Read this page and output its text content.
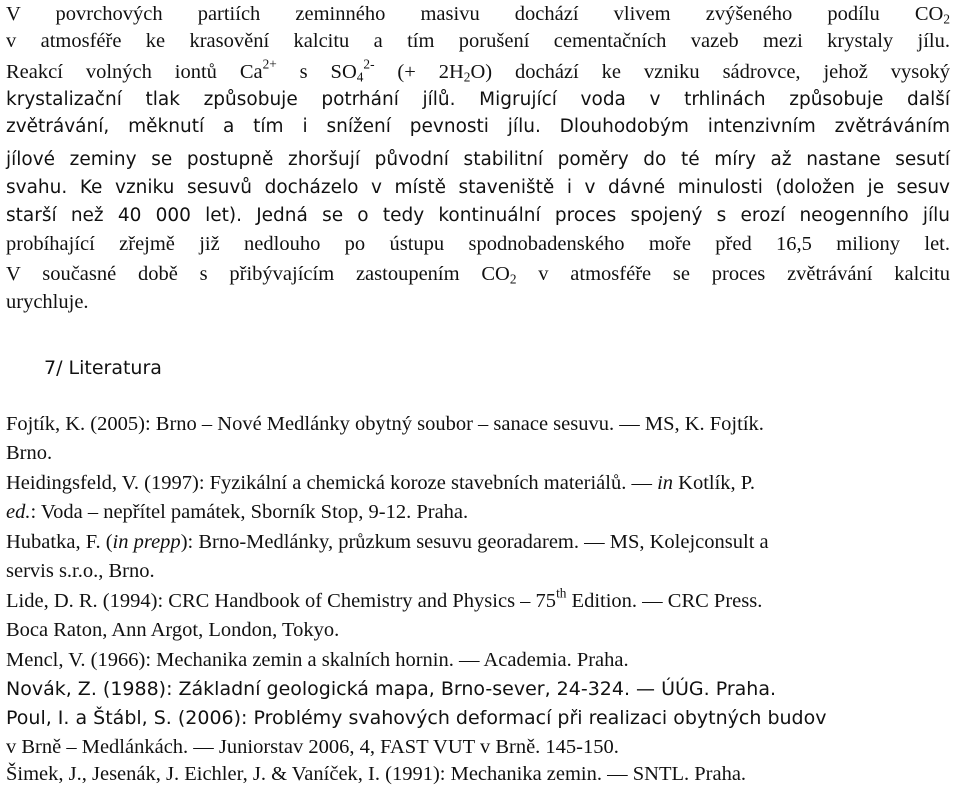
V povrchových partiích zeminného masivu dochází vlivem zvýšeného podílu $CO_2$
v atmosféře ke krasovění kalcitu a tím porušení cementačních vazeb mezi krystaly jílu.
Reakcí volných iontů $Ca^{2+}$ s $SO_4^{2-}$ (+ $2H_2O$) dochází ke vzniku sádrovce, jehož vysoký
krystalizační tlak způsobuje potrhání jílů. Migrující voda v trhlinách způsobuje další
zvětrávání, měknutí a tím i snížení pevnosti jílu. Dlouhodobým intenzivním zvětráváním
jílové zeminy se postupně zhoršují původní stabilitní poměry do té míry až nastane sesutí
svahu. Ke vzniku sesuvů docházelo v místě staveniště i v dávné minulosti (doložen je sesuv
starší než 40 000 let). Jedná se o tedy kontinuální proces spojený s erozí neogenního jílu
probíhající zřejmě již nedlouho po ústupu spodnobadenského moře před 16,5 miliony let.
V současné době s přibývajícím zastoupením $CO_2$ v atmosféře se proces zvětrávání kalcitu
urychluje.
7/ Literatura
Fojtík, K. (2005): Brno – Nové Medlánky obytný soubor – sanace sesuvu. — MS, K. Fojtík.
Brno.
Heidingsfeld, V. (1997): Fyzikální a chemická koroze stavebních materiálů. — in Kotlík, P.
ed.: Voda – nepřítel památek, Sborník Stop, 9-12. Praha.
Hubatka, F. (in prepp): Brno-Medlánky, průzkum sesuvu georadarem. — MS, Kolejconsult a
servis s.r.o., Brno.
Lide, D. R. (1994): CRC Handbook of Chemistry and Physics – 75th Edition. — CRC Press.
Boca Raton, Ann Argot, London, Tokyo.
Mencl, V. (1966): Mechanika zemin a skalních hornin. — Academia. Praha.
Novák, Z. (1988): Základní geologická mapa, Brno-sever, 24-324. — ÚÚG. Praha.
Poul, I. a Štábl, S. (2006): Problémy svahových deformací při realizaci obytných budov
v Brně – Medlánkách. — Juniorstav 2006, 4, FAST VUT v Brně. 145-150.
Šimek, J., Jesenák, J. Eichler, J. & Vaníček, I. (1991): Mechanika zemin. — SNTL. Praha.
